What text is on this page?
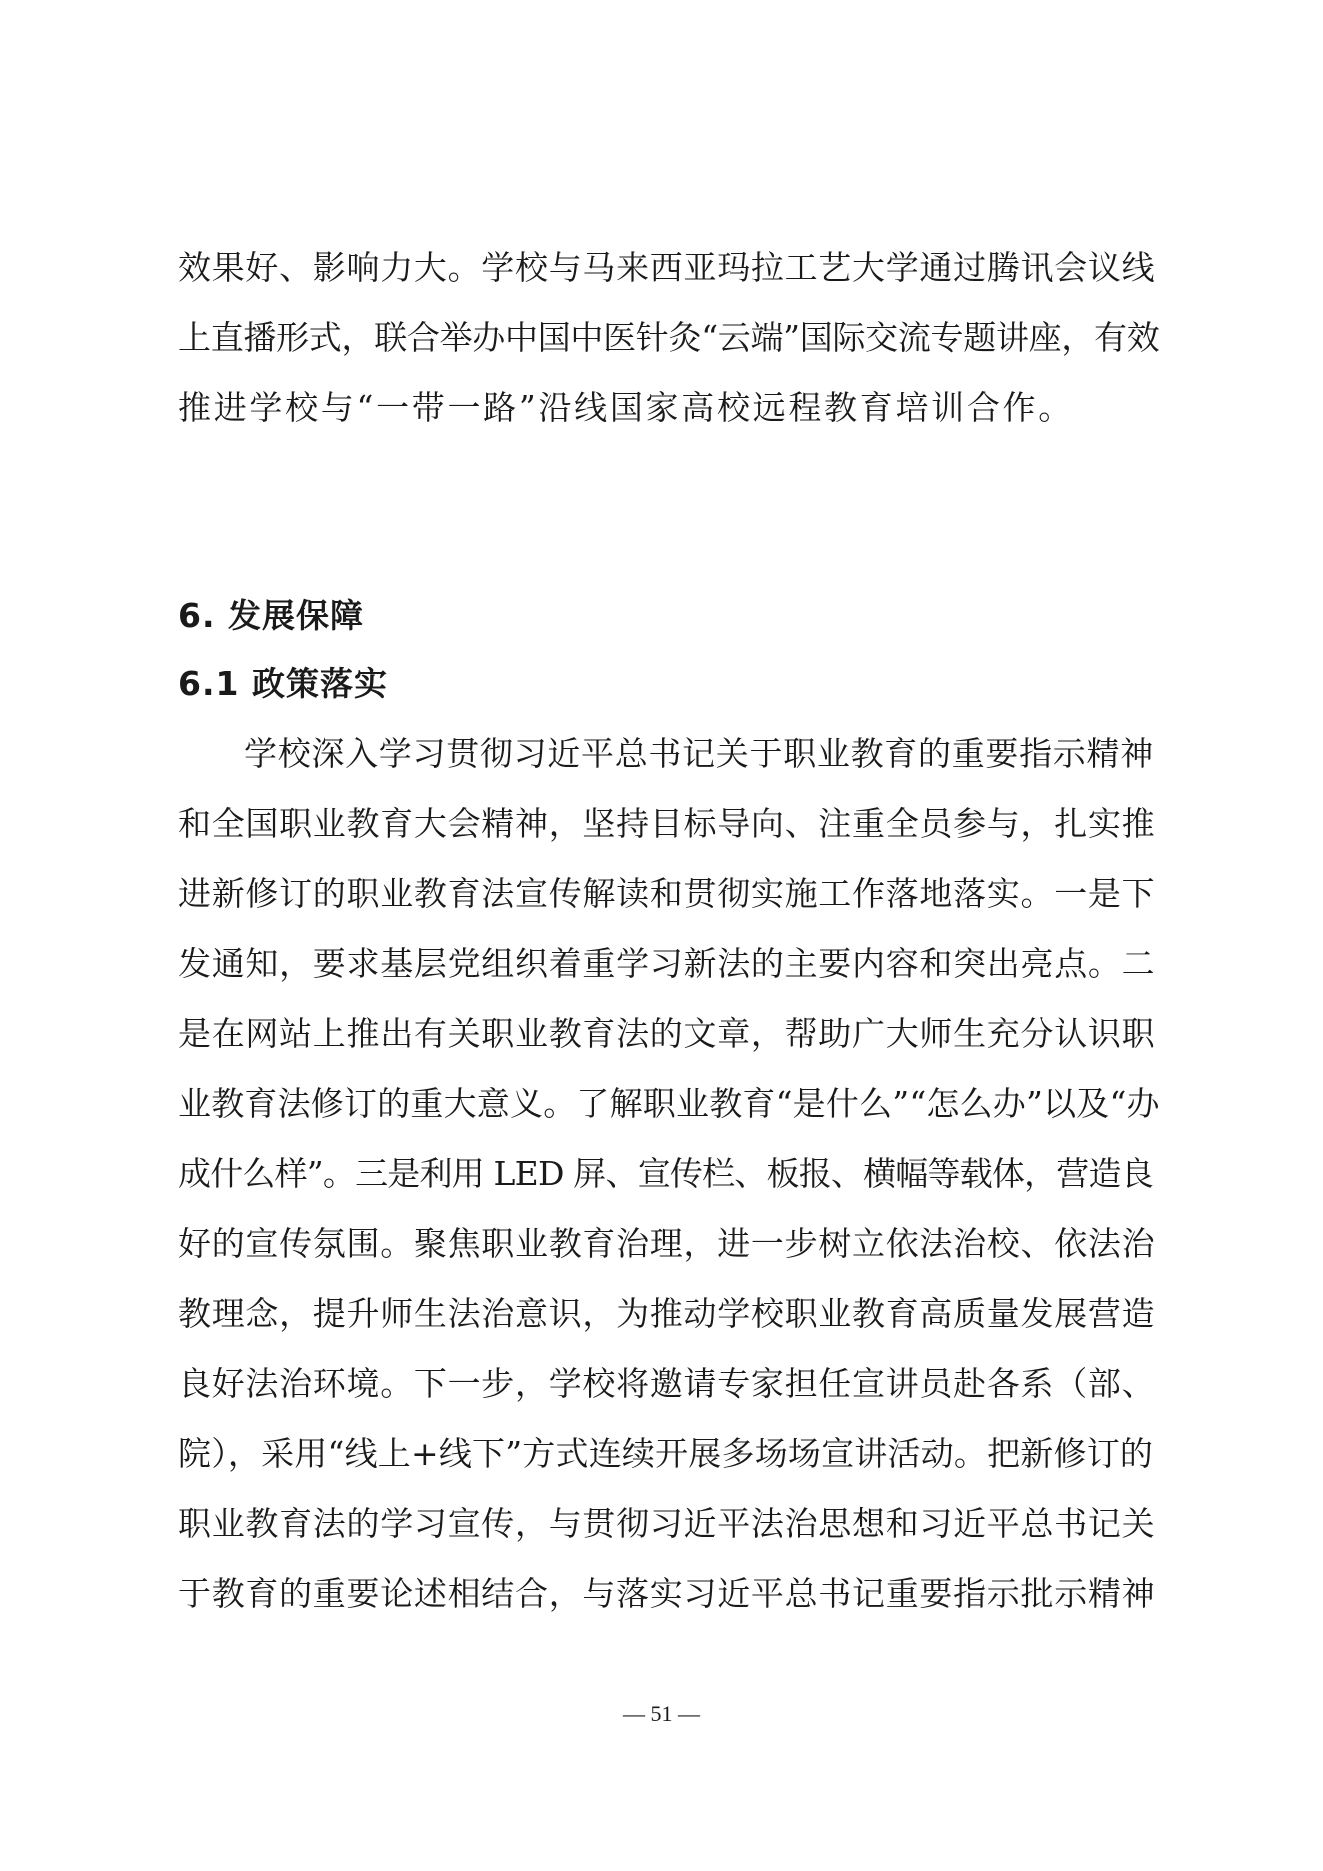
效果好、影响力大。学校与马来西亚玛拉工艺大学通过腾讯会议线
上直播形式，联合举办中国中医针灸“云端”国际交流专题讲座，有效
推进学校与“一带一路”沿线国家高校远程教育培训合作。
6. 发展保障
6.1 政策落实
学校深入学习贯彻习近平总书记关于职业教育的重要指示精神
和全国职业教育大会精神，坚持目标导向、注重全员参与，扎实推
进新修订的职业教育法宣传解读和贯彻实施工作落地落实。一是下
发通知，要求基层党组织着重学习新法的主要内容和突出亮点。二
是在网站上推出有关职业教育法的文章，帮助广大师生充分认识职
业教育法修订的重大意义。了解职业教育“是什么”“怎么办”以及“办
成什么样”。三是利用 LED 屏、宣传栏、板报、横幅等载体，营造良
好的宣传氛围。聚焦职业教育治理，进一步树立依法治校、依法治
教理念，提升师生法治意识，为推动学校职业教育高质量发展营造
良好法治环境。下一步，学校将邀请专家担任宣讲员赴各系（部、
院），采用“线上+线下”方式连续开展多场场宣讲活动。把新修订的
职业教育法的学习宣传，与贯彻习近平法治思想和习近平总书记关
于教育的重要论述相结合，与落实习近平总书记重要指示批示精神
— 51 —
